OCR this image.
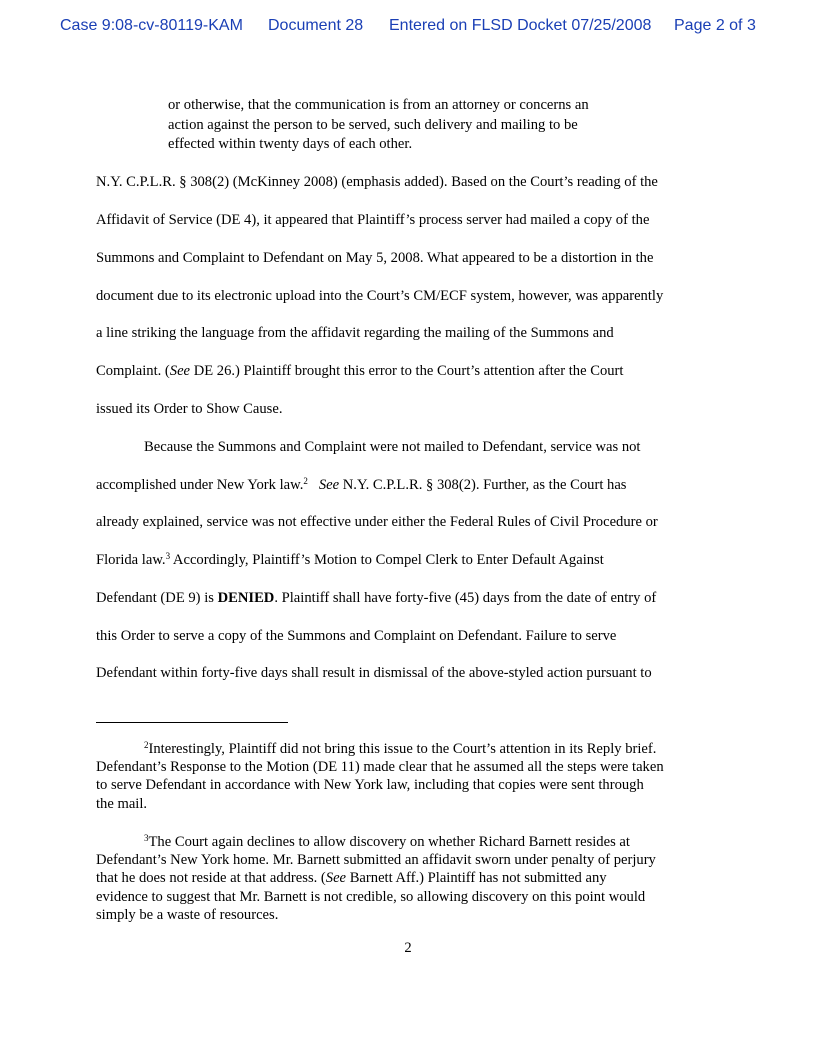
Case 9:08-cv-80119-KAM Document 28 Entered on FLSD Docket 07/25/2008 Page 2 of 3
or otherwise, that the communication is from an attorney or concerns an
action against the person to be served, such delivery and mailing to be
effected within twenty days of each other.
N.Y. C.P.L.R. § 308(2) (McKinney 2008) (emphasis added). Based on the Court’s reading of the
Affidavit of Service (DE 4), it appeared that Plaintiff’s process server had mailed a copy of the
Summons and Complaint to Defendant on May 5, 2008. What appeared to be a distortion in the
document due to its electronic upload into the Court’s CM/ECF system, however, was apparently
a line striking the language from the affidavit regarding the mailing of the Summons and
Complaint. (See DE 26.) Plaintiff brought this error to the Court’s attention after the Court
issued its Order to Show Cause.
Because the Summons and Complaint were not mailed to Defendant, service was not
accomplished under New York law.$^2$ See N.Y. C.P.L.R. § 308(2). Further, as the Court has
already explained, service was not effective under either the Federal Rules of Civil Procedure or
Florida law.$^3$ Accordingly, Plaintiff’s Motion to Compel Clerk to Enter Default Against
Defendant (DE 9) is DENIED. Plaintiff shall have forty-five (45) days from the date of entry of
this Order to serve a copy of the Summons and Complaint on Defendant. Failure to serve
Defendant within forty-five days shall result in dismissal of the above-styled action pursuant to
$^2$Interestingly, Plaintiff did not bring this issue to the Court’s attention in its Reply brief.
Defendant’s Response to the Motion (DE 11) made clear that he assumed all the steps were taken
to serve Defendant in accordance with New York law, including that copies were sent through
the mail.
$^3$The Court again declines to allow discovery on whether Richard Barnett resides at
Defendant’s New York home. Mr. Barnett submitted an affidavit sworn under penalty of perjury
that he does not reside at that address. (See Barnett Aff.) Plaintiff has not submitted any
evidence to suggest that Mr. Barnett is not credible, so allowing discovery on this point would
simply be a waste of resources.
2
